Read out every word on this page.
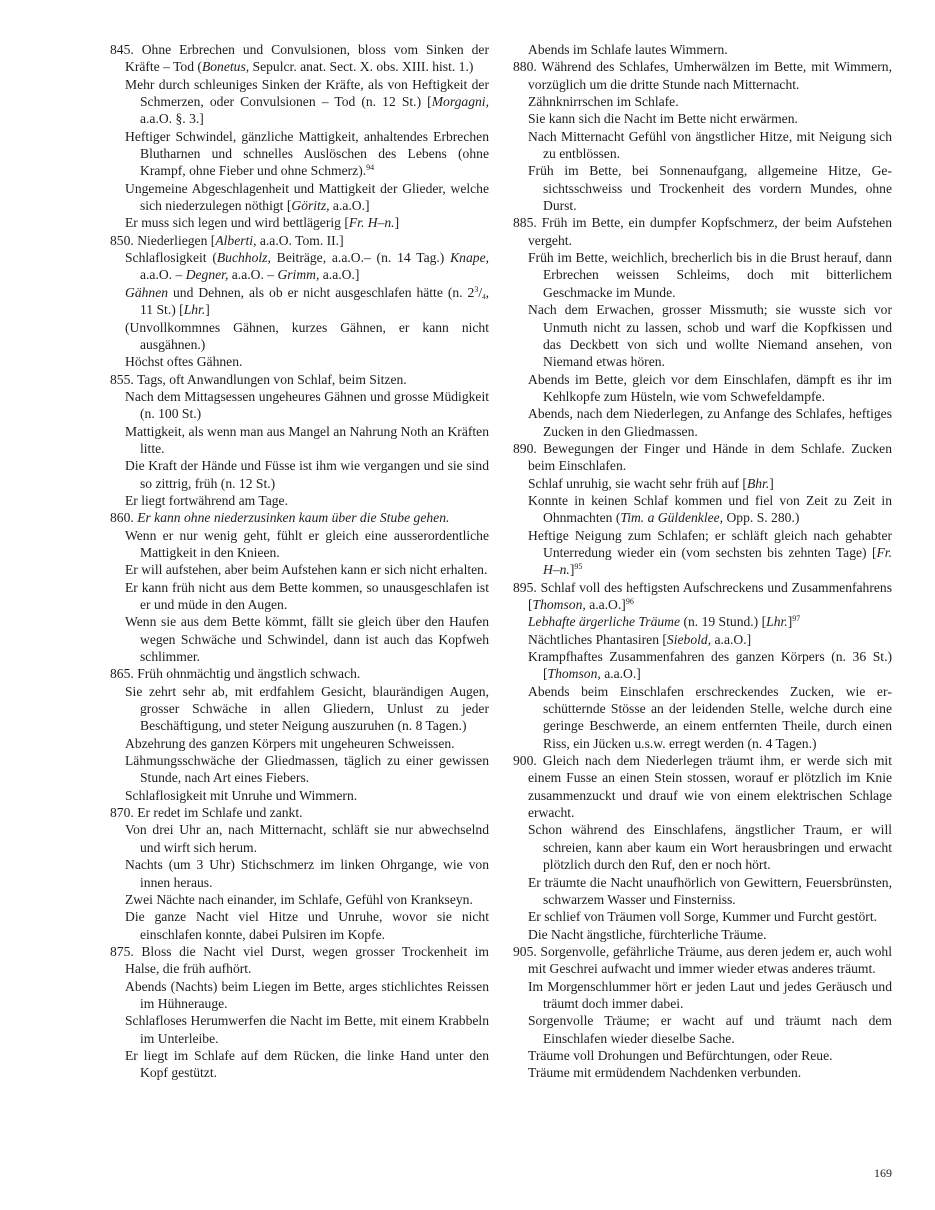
845. Ohne Erbrechen und Convulsionen, bloss vom Sinken der Kräfte – Tod (Bonetus, Sepulcr. anat. Sect. X. obs. XIII. hist. 1.)
Mehr durch schleuniges Sinken der Kräfte, als von Heftigkeit der Schmerzen, oder Convulsionen – Tod (n. 12 St.) [Morgagni, a.a.O. §. 3.]
Heftiger Schwindel, gänzliche Mattigkeit, anhaltendes Erbrechen Blutharnen und schnelles Auslöschen des Lebens (ohne Krampf, ohne Fieber und ohne Schmerz).$^{94}$
Ungemeine Abgeschlagenheit und Mattigkeit der Glieder, welche sich niederzulegen nöthigt [Göritz, a.a.O.]
Er muss sich legen und wird bettlägerig [Fr. H–n.]
850. Niederliegen [Alberti, a.a.O. Tom. II.]
Schlaflosigkeit (Buchholz, Beiträge, a.a.O.– (n. 14 Tag.) Knape, a.a.O. – Degner, a.a.O. – Grimm, a.a.O.]
Gähnen und Dehnen, als ob er nicht ausgeschlafen hätte (n. $2^3/_4$, 11 St.) [Lhr.]
(Unvollkommnes Gähnen, kurzes Gähnen, er kann nicht ausgähnen.)
Höchst oftes Gähnen.
855. Tags, oft Anwandlungen von Schlaf, beim Sitzen.
Nach dem Mittagsessen ungeheures Gähnen und grosse Müdigkeit (n. 100 St.)
Mattigkeit, als wenn man aus Mangel an Nahrung Noth an Kräften litte.
Die Kraft der Hände und Füsse ist ihm wie vergangen und sie sind so zittrig, früh (n. 12 St.)
Er liegt fortwährend am Tage.
860. Er kann ohne niederzusinken kaum über die Stube gehen.
Wenn er nur wenig geht, fühlt er gleich eine ausserordentliche Mattigkeit in den Knieen.
Er will aufstehen, aber beim Aufstehen kann er sich nicht erhalten.
Er kann früh nicht aus dem Bette kommen, so unausgeschlafen ist er und müde in den Augen.
Wenn sie aus dem Bette kömmt, fällt sie gleich über den Haufen wegen Schwäche und Schwindel, dann ist auch das Kopfweh schlimmer.
865. Früh ohnmächtig und ängstlich schwach.
Sie zehrt sehr ab, mit erdfahlem Gesicht, blaurändigen Augen, grosser Schwäche in allen Gliedern, Unlust zu jeder Beschäftigung, und steter Neigung auszuruhen (n. 8 Tagen.)
Abzehrung des ganzen Körpers mit ungeheuren Schweissen.
Lähmungsschwäche der Gliedmassen, täglich zu einer gewissen Stunde, nach Art eines Fiebers.
Schlaflosigkeit mit Unruhe und Wimmern.
870. Er redet im Schlafe und zankt.
Von drei Uhr an, nach Mitternacht, schläft sie nur abwechselnd und wirft sich herum.
Nachts (um 3 Uhr) Stichschmerz im linken Ohrgange, wie von innen heraus.
Zwei Nächte nach einander, im Schlafe, Gefühl von Krankseyn.
Die ganze Nacht viel Hitze und Unruhe, wovor sie nicht einschlafen konnte, dabei Pulsiren im Kopfe.
875. Bloss die Nacht viel Durst, wegen grosser Trockenheit im Halse, die früh aufhört.
Abends (Nachts) beim Liegen im Bette, arges stichlichtes Reissen im Hühnerauge.
Schlafloses Herumwerfen die Nacht im Bette, mit einem Krabbeln im Unterleibe.
Er liegt im Schlafe auf dem Rücken, die linke Hand unter den Kopf gestützt.
Abends im Schlafe lautes Wimmern.
880. Während des Schlafes, Umherwälzen im Bette, mit Wimmern, vorzüglich um die dritte Stunde nach Mitternacht.
Zähnknirrschen im Schlafe.
Sie kann sich die Nacht im Bette nicht erwärmen.
Nach Mitternacht Gefühl von ängstlicher Hitze, mit Neigung sich zu entblössen.
Früh im Bette, bei Sonnenaufgang, allgemeine Hitze, Gesichtsschweiss und Trockenheit des vordern Mundes, ohne Durst.
885. Früh im Bette, ein dumpfer Kopfschmerz, der beim Aufstehen vergeht.
Früh im Bette, weichlich, brecherlich bis in die Brust herauf, dann Erbrechen weissen Schleims, doch mit bitterlichem Geschmacke im Munde.
Nach dem Erwachen, grosser Missmuth; sie wusste sich vor Unmuth nicht zu lassen, schob und warf die Kopfkissen und das Deckbett von sich und wollte Niemand ansehen, von Niemand etwas hören.
Abends im Bette, gleich vor dem Einschlafen, dämpft es ihr im Kehlkopfe zum Hüsteln, wie vom Schwefeldampfe.
Abends, nach dem Niederlegen, zu Anfange des Schlafes, heftiges Zucken in den Gliedmassen.
890. Bewegungen der Finger und Hände in dem Schlafe. Zucken beim Einschlafen.
Schlaf unruhig, sie wacht sehr früh auf [Bhr.]
Konnte in keinen Schlaf kommen und fiel von Zeit zu Zeit in Ohnmachten (Tim. a Güldenklee, Opp. S. 280.)
Heftige Neigung zum Schlafen; er schläft gleich nach gehabter Unterredung wieder ein (vom sechsten bis zehnten Tage) [Fr. H–n.]$^{95}$
895. Schlaf voll des heftigsten Aufschreckens und Zusammenfahrens [Thomson, a.a.O.]$^{96}$
Lebhafte ärgerliche Träume (n. 19 Stund.) $[Lhr.]^{97}$
Nächtliches Phantasiren [Siebold, a.a.O.]
Krampfhaftes Zusammenfahren des ganzen Körpers (n. 36 St.) [Thomson, a.a.O.]
Abends beim Einschlafen erschreckendes Zucken, wie erschütternde Stösse an der leidenden Stelle, welche durch eine geringe Beschwerde, an einem entfernten Theile, durch einen Riss, ein Jücken u.s.w. erregt werden (n. 4 Tagen.)
900. Gleich nach dem Niederlegen träumt ihm, er werde sich mit einem Fusse an einen Stein stossen, worauf er plötzlich im Knie zusammenzuckt und drauf wie von einem elektrischen Schlage erwacht.
Schon während des Einschlafens, ängstlicher Traum, er will schreien, kann aber kaum ein Wort herausbringen und erwacht plötzlich durch den Ruf, den er noch hört.
Er träumte die Nacht unaufhörlich von Gewittern, Feuersbrünsten, schwarzem Wasser und Finsterniss.
Er schlief von Träumen voll Sorge, Kummer und Furcht gestört.
Die Nacht ängstliche, fürchterliche Träume.
905. Sorgenvolle, gefährliche Träume, aus deren jedem er, auch wohl mit Geschrei aufwacht und immer wieder etwas anderes träumt.
Im Morgenschlummer hört er jeden Laut und jedes Geräusch und träumt doch immer dabei.
Sorgenvolle Träume; er wacht auf und träumt nach dem Einschlafen wieder dieselbe Sache.
Träume voll Drohungen und Befürchtungen, oder Reue.
Träume mit ermüdendem Nachdenken verbunden.
169
